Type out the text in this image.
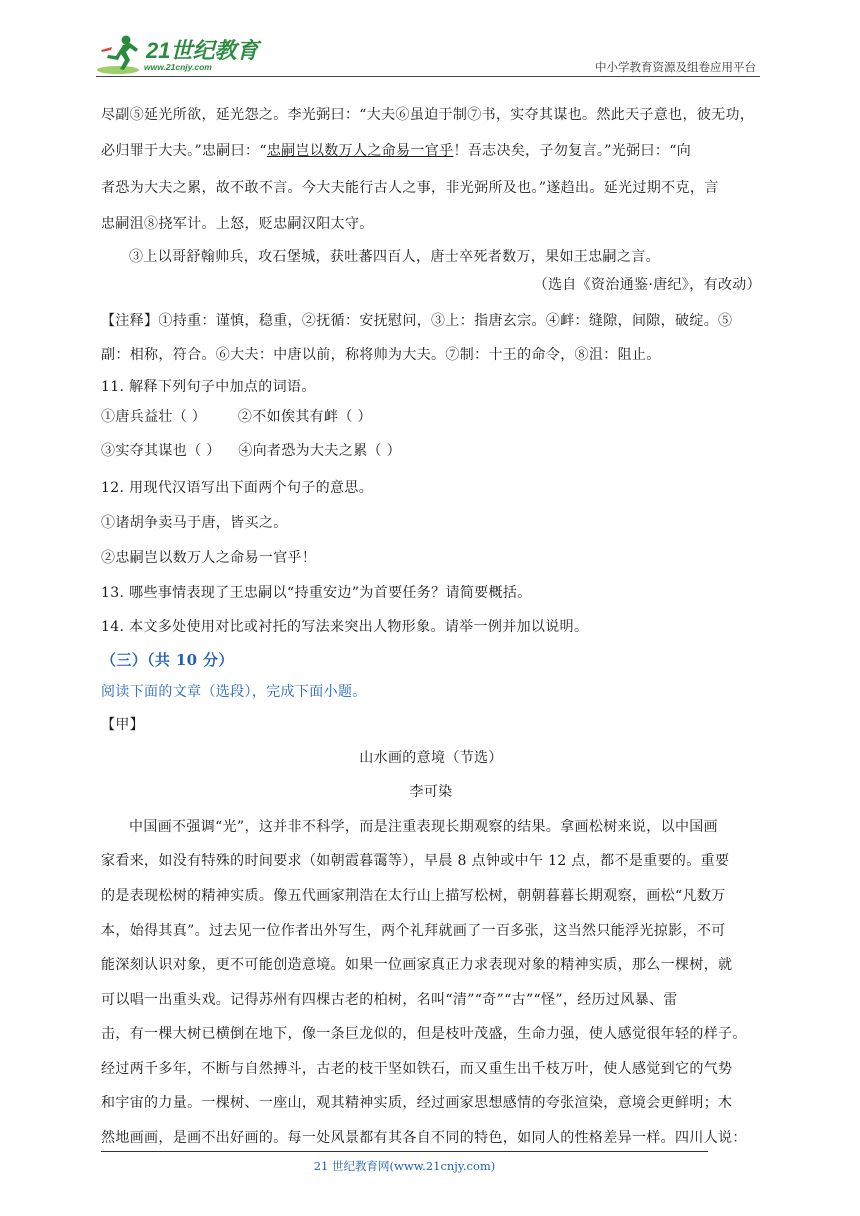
21世纪教育
www.21cnjy.com	中小学教育资源及组卷应用平台
尽副⑤延光所欲，延光怨之。李光弼曰：“大夫⑥虽迫于制⑦书，实夺其谋也。然此天子意也，彼无功，
必归罪于大夫。”忠嗣曰：“忠嗣岂以数万人之命易一官乎！吾志决矣，子勿复言。”光弼曰：“向
者恐为大夫之累，故不敢不言。今大夫能行古人之事，非光弼所及也。”遂趋出。延光过期不克，言
忠嗣沮⑧挠军计。上怒，贬忠嗣汉阳太守。
③上以哥舒翰帅兵，攻石堡城，获吐蕃四百人，唐士卒死者数万，果如王忠嗣之言。
（选自《资治通鉴·唐纪》，有改动）
【注释】①持重：谨慎，稳重，②抚循：安抚慰问，③上：指唐玄宗。④衅：缝隙，间隙，破绽。⑤
副：相称，符合。⑥大夫：中唐以前，称将帅为大夫。⑦制：十王的命令，⑧沮：阻止。
11. 解释下列句子中加点的词语。
①唐兵益壮（ ） ②不如俟其有衅（ ）
③实夺其谋也（ ） ④向者恐为大夫之累（ ）
12. 用现代汉语写出下面两个句子的意思。
①诸胡争卖马于唐，皆买之。
②忠嗣岂以数万人之命易一官乎！
13. 哪些事情表现了王忠嗣以“持重安边”为首要任务？请简要概括。
14. 本文多处使用对比或衬托的写法来突出人物形象。请举一例并加以说明。
（三）（共 10 分）
阅读下面的文章（选段），完成下面小题。
【甲】
山水画的意境（节选）
李可染
中国画不强调“光”，这并非不科学，而是注重表现长期观察的结果。拿画松树来说，以中国画
家看来，如没有特殊的时间要求（如朝霞暮霭等），早晨 8 点钟或中午 12 点，都不是重要的。重要
的是表现松树的精神实质。像五代画家荆浩在太行山上描写松树，朝朝暮暮长期观察，画松“凡数万
本，始得其真”。过去见一位作者出外写生，两个礼拜就画了一百多张，这当然只能浮光掠影，不可
能深刻认识对象，更不可能创造意境。如果一位画家真正力求表现对象的精神实质，那么一棵树，就
可以唱一出重头戏。记得苏州有四棵古老的柏树，名叫“清”“奇”“古”“怪”，经历过风暴、雷
击，有一棵大树已横倒在地下，像一条巨龙似的，但是枝叶茂盛，生命力强，使人感觉很年轻的样子。
经过两千多年，不断与自然搏斗，古老的枝干坚如铁石，而又重生出千枝万叶，使人感觉到它的气势
和宇宙的力量。一棵树、一座山，观其精神实质，经过画家思想感情的夸张渲染，意境会更鲜明；木
然地画画，是画不出好画的。每一处风景都有其各自不同的特色，如同人的性格差异一样。四川人说：
21 世纪教育网(www.21cnjy.com)
